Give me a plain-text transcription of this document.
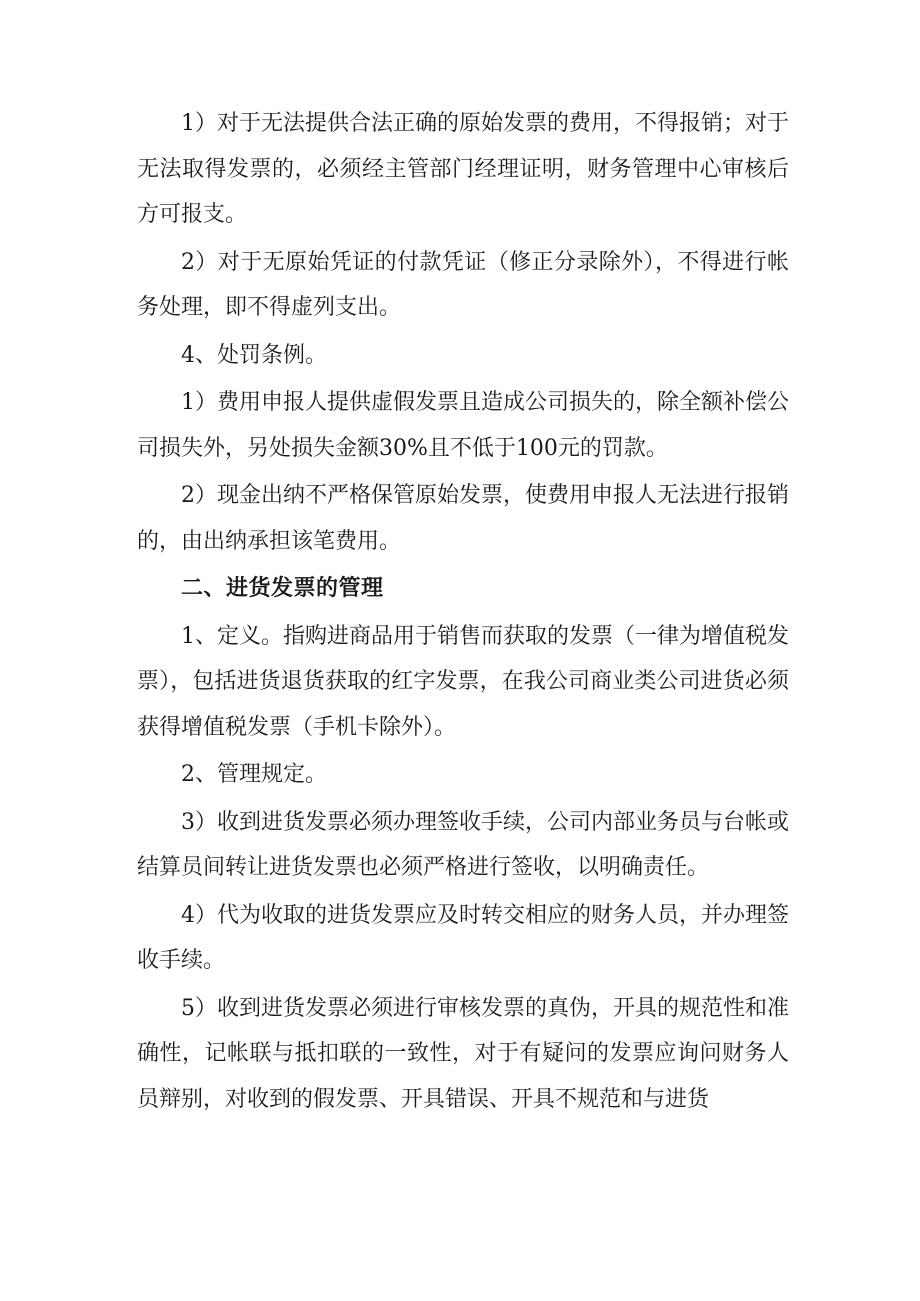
1）对于无法提供合法正确的原始发票的费用，不得报销；对于无法取得发票的，必须经主管部门经理证明，财务管理中心审核后方可报支。

2）对于无原始凭证的付款凭证（修正分录除外），不得进行帐务处理，即不得虚列支出。

4、处罚条例。

1）费用申报人提供虚假发票且造成公司损失的，除全额补偿公司损失外，另处损失金额30%且不低于100元的罚款。

2）现金出纳不严格保管原始发票，使费用申报人无法进行报销的，由出纳承担该笔费用。

二、进货发票的管理

1、定义。指购进商品用于销售而获取的发票（一律为增值税发票），包括进货退货获取的红字发票，在我公司商业类公司进货必须获得增值税发票（手机卡除外）。

2、管理规定。

3）收到进货发票必须办理签收手续，公司内部业务员与台帐或结算员间转让进货发票也必须严格进行签收，以明确责任。

4）代为收取的进货发票应及时转交相应的财务人员，并办理签收手续。

5）收到进货发票必须进行审核发票的真伪，开具的规范性和准确性，记帐联与抵扣联的一致性，对于有疑问的发票应询问财务人员辩别，对收到的假发票、开具错误、开具不规范和与进货
